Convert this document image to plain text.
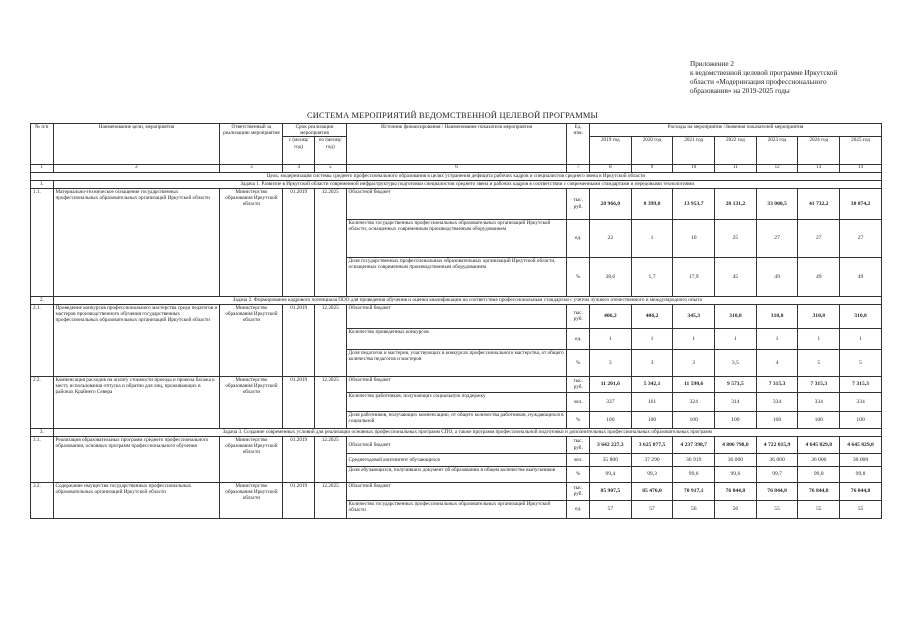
Приложение 2
к ведомственной целевой программе Иркутской
области «Модернизация профессионального
образования» на 2019-2025 годы
СИСТЕМА МЕРОПРИЯТИЙ ВЕДОМСТВЕННОЙ ЦЕЛЕВОЙ ПРОГРАММЫ
№ п/п	Наименование цели, мероприятия	Ответственный за реализацию мероприятия	Срок реализации мероприятия		Источник финансирования / Наименование показателя мероприятия	Ед. изм.	Расходы на мероприятие /Значения показателей мероприятия						
			с (месяц/ год)	по (месяц/ год)			2019 год	2020 год	2021 год	2022 год	2023 год	2024 год	2025 год
1	2	3	4	5	6	7	8	9	10	11	12	13	14
Цель: модернизация системы среднего профессионального образования в целях устранения дефицита рабочих кадров и специалистов среднего звена в Иркутской области													
1.	Задача 1. Развитие в Иркутской области современной инфраструктуры подготовки специалистов среднего звена и рабочих кадров в соответствии с современными стандартами и передовыми технологиями												
1.1.	Материально-техническое оснащение государственных профессиональных образовательных организаций Иркутской области	Министерство образования Иркутской области	01.2019	12.2025	Областной бюджет	тыс. руб.	20 966,0	8 399,0	13 953,7	28 131,2	33 000,5	41 732,2	38 874,2
					Количество государственных профессиональных образовательных организаций Иркутской области, оснащенных современным производственным оборудованием	ед.	22	1	10	25	27	27	27
					Доля государственных профессиональных образовательных организаций Иркутской области, оснащенных современным производственным оборудованием	%	38,6	1,7	17,9	45	49	49	49
2.	Задача 2. Формирование кадрового потенциала ПОО для проведения обучения и оценки квалификации на соответствие профессиональным стандартам с учетом лучшего отечественного и международного опыта												
2.1.	Проведение конкурсов профессионального мастерства среди педагогов и мастеров производственного обучения государственных профессиональных образовательных организаций Иркутской области	Министерство образования Иркутской области	01.2019	12.2025	Областной бюджет	тыс. руб.	406,2	406,2	345,3	310,8	310,8	310,8	310,8
					Количество проведенных конкурсов	ед.	1	1	1	1	1	1	1
					Доля педагогов и мастеров, участвующих в конкурсах профессионального мастерства, от общего количества педагогов и мастеров	%	3	3	3	3,5	4	5	5
2.2.	Компенсация расходов на оплату стоимости проезда и провоза багажа к месту использования отпуска и обратно для лиц, проживающих в районах Крайнего Севера	Министерство образования Иркутской области	01.2019	12.2025	Областной бюджет	тыс. руб.	11 201,6	5 342,1	11 590,6	9 573,5	7 315,3	7 315,3	7 315,3
					Количество работников, получающих социальную поддержку	чел.	337	161	324	314	334	334	334
					Доля работников, получающих компенсацию, от общего количества работников, нуждающихся в социальной	%	100	100	100	100	100	100	100
3.	Задача 3. Создание современных условий для реализации основных профессиональных программ СПО, а также программ профессиональной подготовки и дополнительных профессиональных образовательных программ												
3.1.	Реализация образовательных программ среднего профессионального образования, основных программ профессионального обучения	Министерство образования Иркутской области	01.2019	12.2025	Областной бюджет	тыс. руб.	3 642 227,3	3 625 877,5	4 237 398,7	4 806 798,8	4 722 015,9	4 645 829,8	4 645 829,8
					Среднегодовой контингент обучающихся	чел.	35 800	37 290	36 919	36 000	36 000	36 000	36 000
					Доля обучающихся, получивших документ об образовании в общем количестве выпускников	%	99,4	99,3	99,6	99,6	99,7	99,8	99,8
3.2.	Содержание имущества государственных профессиональных образовательных организаций Иркутской области	Министерство образования Иркутской области	01.2019	12.2025	Областной бюджет	тыс. руб.	85 907,5	85 476,0	70 917,1	76 844,8	76 844,8	76 844,8	76 844,8
					Количество государственных профессиональных образовательных организаций Иркутской области	ед.	57	57	56	56	55	55	55
